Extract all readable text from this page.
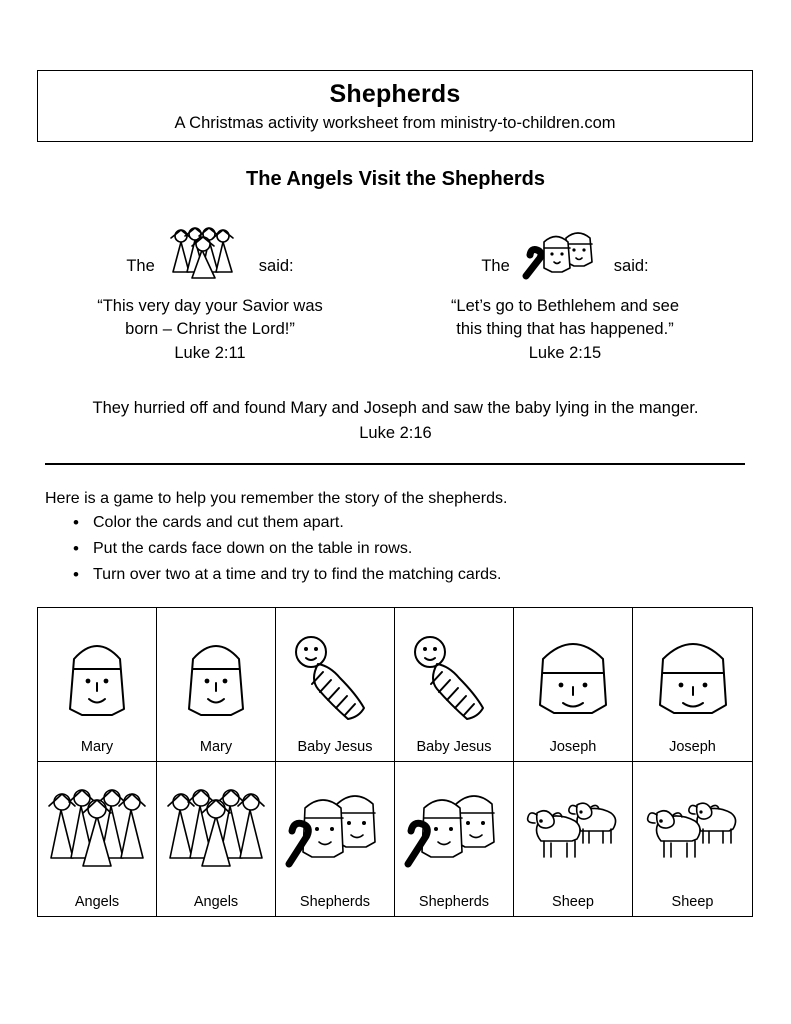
Shepherds
A Christmas activity worksheet from ministry-to-children.com
The Angels Visit the Shepherds
The	said:
“This very day your Savior was
born – Christ the Lord!”
Luke 2:11
The	said:
“Let’s go to Bethlehem and see
this thing that has happened.”
Luke 2:15
They hurried off and found Mary and Joseph and saw the baby lying in the manger.
Luke 2:16

Here is a game to help you remember the story of the shepherds.

• Color the cards and cut them apart.
• Put the cards face down on the table in rows.
• Turn over two at a time and try to find the matching cards.
Mary	Mary	Baby Jesus	Baby Jesus	Joseph	Joseph
Angels	Angels	Shepherds	Shepherds	Sheep	Sheep
